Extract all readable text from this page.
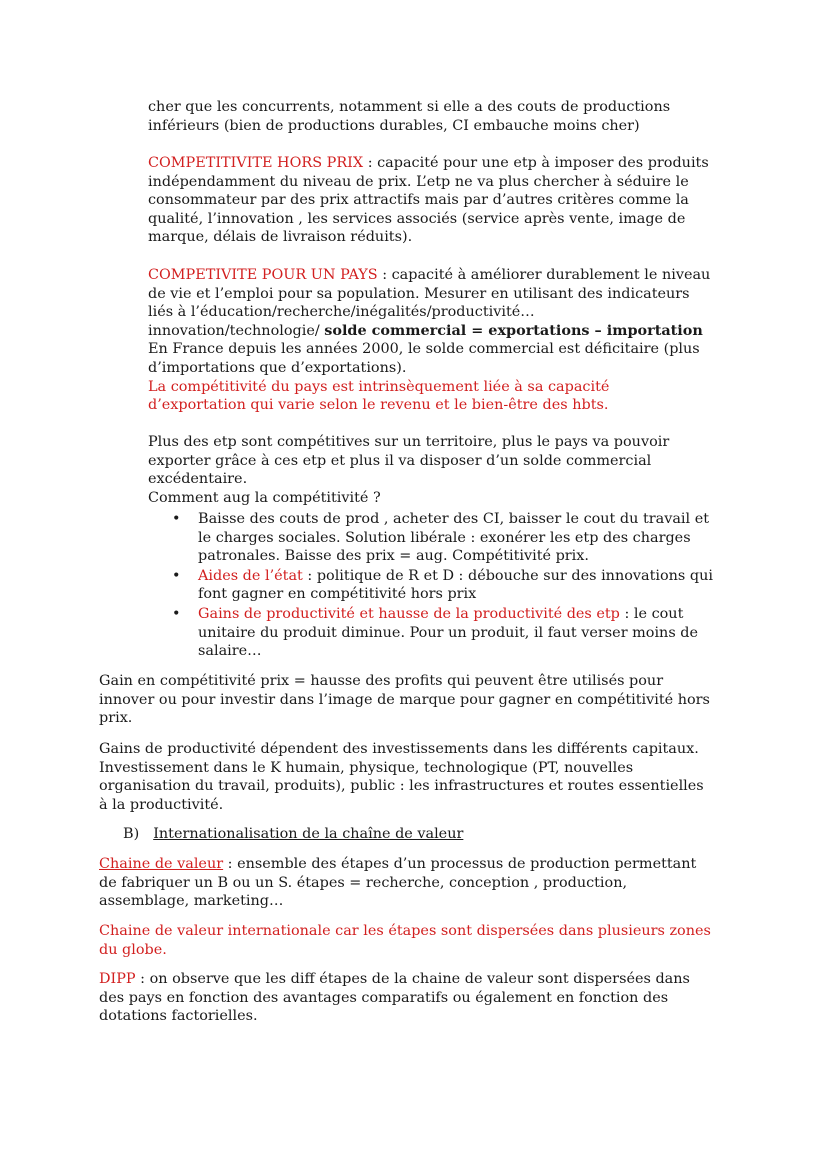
cher que les concurrents, notamment si elle a des couts de productions
inférieurs (bien de productions durables, CI embauche moins cher)
COMPETITIVITE HORS PRIX : capacité pour une etp à imposer des produits
indépendamment du niveau de prix. L’etp ne va plus chercher à séduire le
consommateur par des prix attractifs mais par d’autres critères comme la
qualité, l’innovation , les services associés (service après vente, image de
marque, délais de livraison réduits).
COMPETIVITE POUR UN PAYS : capacité à améliorer durablement le niveau
de vie et l’emploi pour sa population. Mesurer en utilisant des indicateurs
liés à l’éducation/recherche/inégalités/productivité…
innovation/technologie/ solde commercial = exportations – importation
En France depuis les années 2000, le solde commercial est déficitaire (plus
d’importations que d’exportations).
La compétitivité du pays est intrinsèquement liée à sa capacité
d’exportation qui varie selon le revenu et le bien-être des hbts.
Plus des etp sont compétitives sur un territoire, plus le pays va pouvoir
exporter grâce à ces etp et plus il va disposer d’un solde commercial
excédentaire.
Comment aug la compétitivité ?
• Baisse des couts de prod , acheter des CI, baisser le cout du travail et
le charges sociales. Solution libérale : exonérer les etp des charges
patronales. Baisse des prix = aug. Compétitivité prix.
• Aides de l’état : politique de R et D : débouche sur des innovations qui
font gagner en compétitivité hors prix
• Gains de productivité et hausse de la productivité des etp : le cout
unitaire du produit diminue. Pour un produit, il faut verser moins de
salaire…
Gain en compétitivité prix = hausse des profits qui peuvent être utilisés pour
innover ou pour investir dans l’image de marque pour gagner en compétitivité hors
prix.
Gains de productivité dépendent des investissements dans les différents capitaux.
Investissement dans le K humain, physique, technologique (PT, nouvelles
organisation du travail, produits), public : les infrastructures et routes essentielles
à la productivité.
B) Internationalisation de la chaîne de valeur
Chaine de valeur : ensemble des étapes d’un processus de production permettant
de fabriquer un B ou un S. étapes = recherche, conception , production,
assemblage, marketing…
Chaine de valeur internationale car les étapes sont dispersées dans plusieurs zones
du globe.
DIPP : on observe que les diff étapes de la chaine de valeur sont dispersées dans
des pays en fonction des avantages comparatifs ou également en fonction des
dotations factorielles.
